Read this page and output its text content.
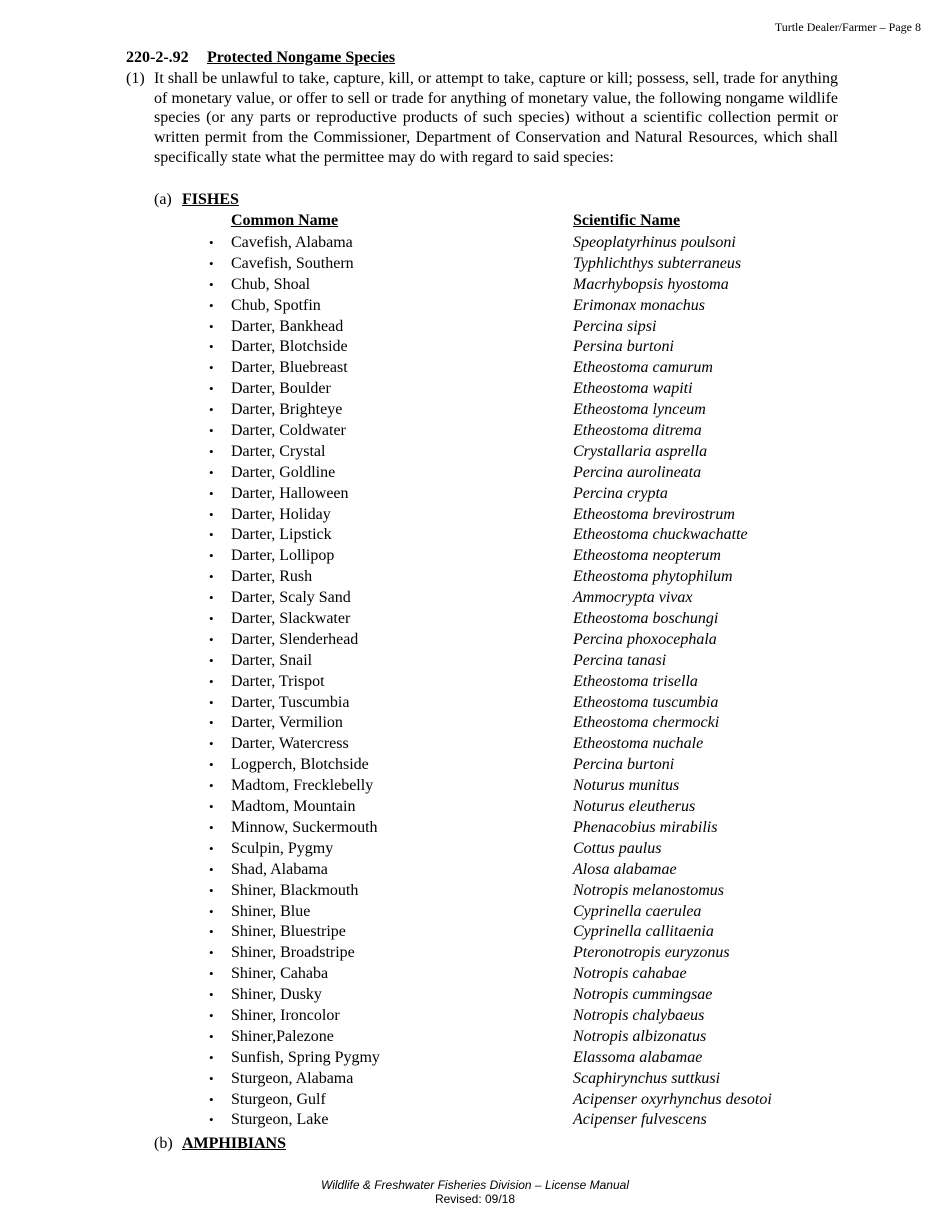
Turtle Dealer/Farmer – Page 8
220-2-.92 Protected Nongame Species
(1) It shall be unlawful to take, capture, kill, or attempt to take, capture or kill; possess, sell, trade for anything of monetary value, or offer to sell or trade for anything of monetary value, the following nongame wildlife species (or any parts or reproductive products of such species) without a scientific collection permit or written permit from the Commissioner, Department of Conservation and Natural Resources, which shall specifically state what the permittee may do with regard to said species:

(a) FISHES
Common Name	Scientific Name
• Cavefish, Alabama	Speoplatyrhinus poulsoni
• Cavefish, Southern	Typhlichthys subterraneus
• Chub, Shoal	Macrhybopsis hyostoma
• Chub, Spotfin	Erimonax monachus
• Darter, Bankhead	Percina sipsi
• Darter, Blotchside	Persina burtoni
• Darter, Bluebreast	Etheostoma camurum
• Darter, Boulder	Etheostoma wapiti
• Darter, Brighteye	Etheostoma lynceum
• Darter, Coldwater	Etheostoma ditrema
• Darter, Crystal	Crystallaria asprella
• Darter, Goldline	Percina aurolineata
• Darter, Halloween	Percina crypta
• Darter, Holiday	Etheostoma brevirostrum
• Darter, Lipstick	Etheostoma chuckwachatte
• Darter, Lollipop	Etheostoma neopterum
• Darter, Rush	Etheostoma phytophilum
• Darter, Scaly Sand	Ammocrypta vivax
• Darter, Slackwater	Etheostoma boschungi
• Darter, Slenderhead	Percina phoxocephala
• Darter, Snail	Percina tanasi
• Darter, Trispot	Etheostoma trisella
• Darter, Tuscumbia	Etheostoma tuscumbia
• Darter, Vermilion	Etheostoma chermocki
• Darter, Watercress	Etheostoma nuchale
• Logperch, Blotchside	Percina burtoni
• Madtom, Frecklebelly	Noturus munitus
• Madtom, Mountain	Noturus eleutherus
• Minnow, Suckermouth	Phenacobius mirabilis
• Sculpin, Pygmy	Cottus paulus
• Shad, Alabama	Alosa alabamae
• Shiner, Blackmouth	Notropis melanostomus
• Shiner, Blue	Cyprinella caerulea
• Shiner, Bluestripe	Cyprinella callitaenia
• Shiner, Broadstripe	Pteronotropis euryzonus
• Shiner, Cahaba	Notropis cahabae
• Shiner, Dusky	Notropis cummingsae
• Shiner, Ironcolor	Notropis chalybaeus
• Shiner,Palezone	Notropis albizonatus
• Sunfish, Spring Pygmy	Elassoma alabamae
• Sturgeon, Alabama	Scaphirynchus suttkusi
• Sturgeon, Gulf	Acipenser oxyrhynchus desotoi
• Sturgeon, Lake	Acipenser fulvescens
(b) AMPHIBIANS
Wildlife & Freshwater Fisheries Division – License Manual
Revised: 09/18
